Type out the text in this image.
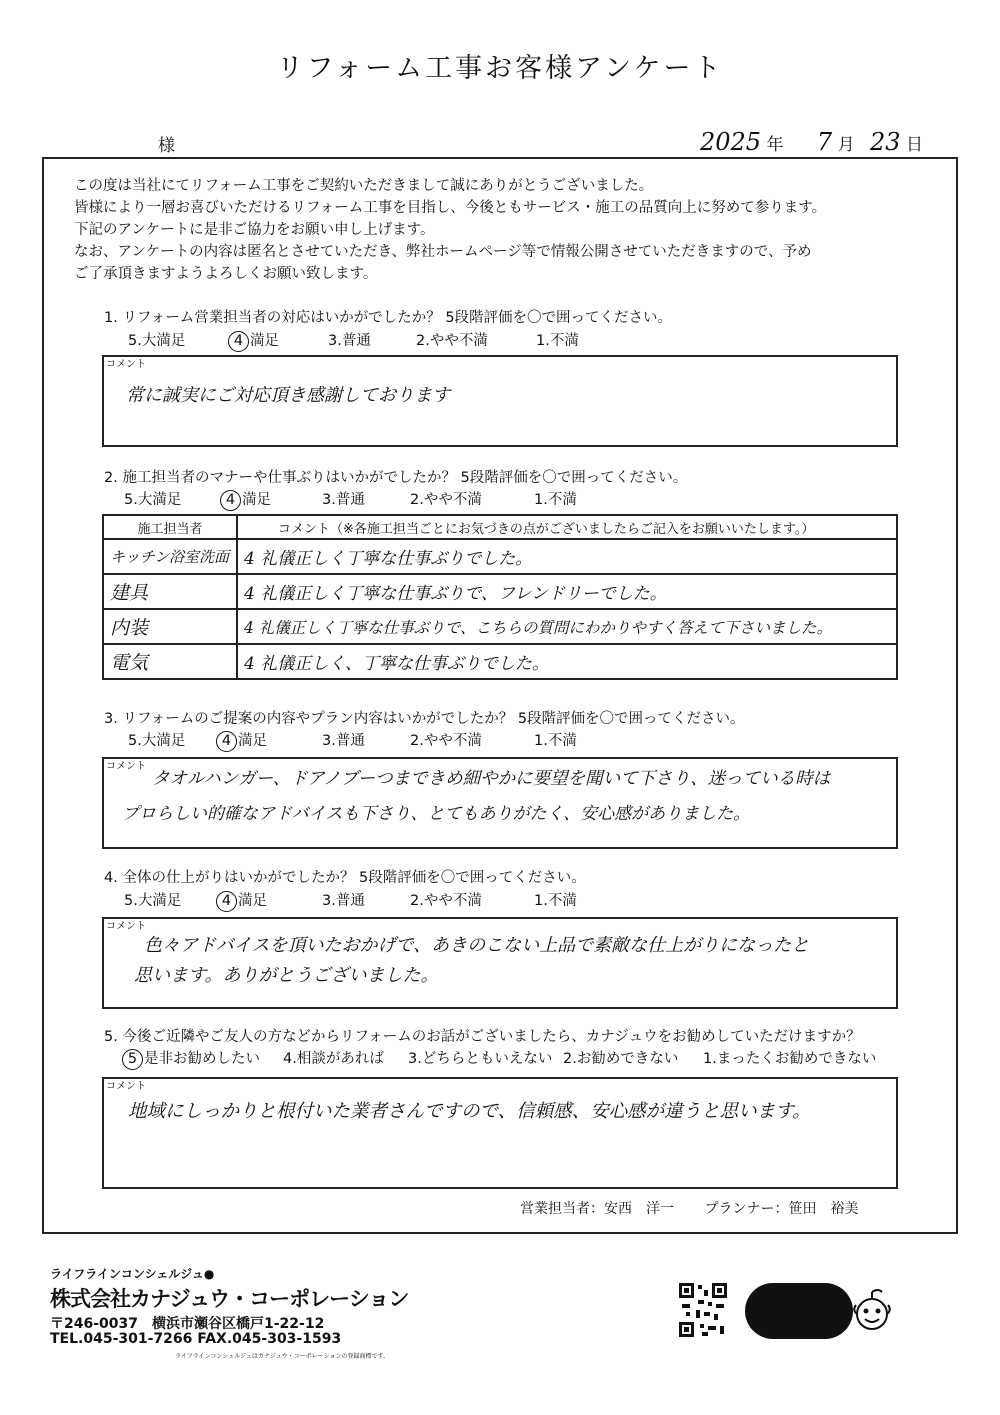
リフォーム工事お客様アンケート
様	2025 年 7 月 23 日
この度は当社にてリフォーム工事をご契約いただきまして誠にありがとうございました。
皆様により一層お喜びいただけるリフォーム工事を目指し、今後ともサービス・施工の品質向上に努めて参ります。
下記のアンケートに是非ご協力をお願い申し上げます。
なお、アンケートの内容は匿名とさせていただき、弊社ホームページ等で情報公開させていただきますので、予め
ご了承頂きますようよろしくお願い致します。
1. リフォーム営業担当者の対応はいかがでしたか？ 5段階評価を〇で囲ってください。
5.大満足	4 満足	3.普通	2.やや不満	1.不満
コメント
常に誠実にご対応頂き感謝しております
2. 施工担当者のマナーや仕事ぶりはいかがでしたか？ 5段階評価を〇で囲ってください。
5.大満足	4 満足	3.普通	2.やや不満	1.不満
施工担当者	コメント（※各施工担当ごとにお気づきの点がございましたらご記入をお願いいたします。）
キッチン浴室洗面	4 礼儀正しく丁寧な仕事ぶりでした。
建具	4 礼儀正しく丁寧な仕事ぶりで、フレンドリーでした。
内装	4 礼儀正しく丁寧な仕事ぶりで、こちらの質問にわかりやすく答えて下さいました。
電気	4 礼儀正しく、丁寧な仕事ぶりでした。
3. リフォームのご提案の内容やプラン内容はいかがでしたか？ 5段階評価を〇で囲ってください。
5.大満足	4 満足	3.普通	2.やや不満	1.不満
コメント
タオルハンガー、ドアノブーつまできめ細やかに要望を聞いて下さり、迷っている時は
プロらしい的確なアドバイスも下さり、とてもありがたく、安心感がありました。
4. 全体の仕上がりはいかがでしたか？ 5段階評価を〇で囲ってください。
5.大満足	4 満足	3.普通	2.やや不満	1.不満
コメント
色々アドバイスを頂いたおかげで、あきのこない上品で素敵な仕上がりになったと
思います。ありがとうございました。
5. 今後ご近隣やご友人の方などからリフォームのお話がございましたら、カナジュウをお勧めしていただけますか？
5 是非お勧めしたい 4.相談があれば 3.どちらともいえない 2.お勧めできない 1.まったくお勧めできない
コメント
地域にしっかりと根付いた業者さんですので、信頼感、安心感が違うと思います。
営業担当者：安西　洋一 プランナー：笹田　裕美
ライフラインコンシェルジュ●
株式会社カナジュウ・コーポレーション
〒246-0037　横浜市瀬谷区橋戸1-22-12
TEL.045-301-7266 FAX.045-303-1593
ライフラインコンシェルジュはカナジュウ・コーポレーションの登録商標です。
